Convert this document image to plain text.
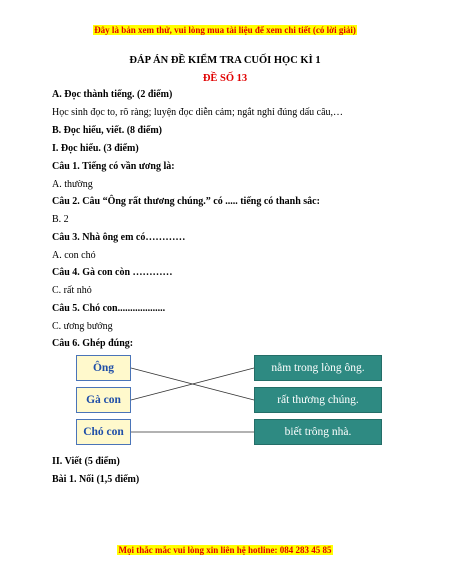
Đây là bản xem thử, vui lòng mua tài liệu để xem chi tiết (có lời giải)
ĐÁP ÁN ĐỀ KIỂM TRA CUỐI HỌC KÌ 1
ĐỀ SỐ 13
A. Đọc thành tiếng. (2 điểm)
Học sinh đọc to, rõ ràng; luyện đọc diễn cảm; ngắt nghỉ đúng dấu câu,…
B. Đọc hiểu, viết. (8 điểm)
I. Đọc hiểu. (3 điểm)
Câu 1. Tiếng có vần ương là:
A. thường
Câu 2. Câu “Ông rất thương chúng.” có ..... tiếng có thanh sắc:
B. 2
Câu 3. Nhà ông em có…………
A. con chó
Câu 4. Gà con còn …………
C. rất nhỏ
Câu 5. Chó con...................
C. ương bướng
Câu 6. Ghép đúng:
Ông
Gà con
Chó con
nằm trong lòng ông.
rất thương chúng.
biết trông nhà.
II. Viết (5 điểm)
Bài 1. Nối (1,5 điểm)
Mọi thắc mắc vui lòng xin liên hệ hotline: 084 283 45 85
